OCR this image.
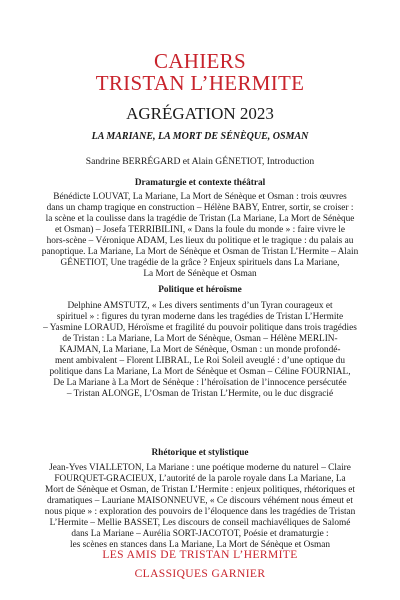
CAHIERS
TRISTAN L’HERMITE
AGRÉGATION 2023
LA MARIANE, LA MORT DE SÉNÈQUE, OSMAN
Sandrine BERRÉGARD et Alain GÉNETIOT, Introduction
Dramaturgie et contexte théâtral

Bénédicte LOUVAT, La Mariane, La Mort de Sénèque et Osman : trois œuvres

dans un champ tragique en construction – Hélène BABY, Entrer, sortir, se croiser :

la scène et la coulisse dans la tragédie de Tristan (La Mariane, La Mort de Sénèque

et Osman) – Josefa TERRIBILINI, « Dans la foule du monde » : faire vivre le

hors-scène – Véronique ADAM, Les lieux du politique et le tragique : du palais au

panoptique. La Mariane, La Mort de Sénèque et Osman de Tristan L’Hermite – Alain

GÉNETIOT, Une tragédie de la grâce ? Enjeux spirituels dans La Mariane,

La Mort de Sénèque et Osman

Politique et héroïsme

Delphine AMSTUTZ, « Les divers sentiments d’un Tyran courageux et

spirituel » : figures du tyran moderne dans les tragédies de Tristan L’Hermite

– Yasmine LORAUD, Héroïsme et fragilité du pouvoir politique dans trois tragédies

de Tristan : La Mariane, La Mort de Sénèque, Osman – Hélène MERLIN-

KAJMAN, La Mariane, La Mort de Sénèque, Osman : un monde profondé-

ment ambivalent – Florent LIBRAL, Le Roi Soleil aveuglé : d’une optique du

politique dans La Mariane, La Mort de Sénèque et Osman – Céline FOURNIAL,

De La Mariane à La Mort de Sénèque : l’héroïsation de l’innocence persécutée

– Tristan ALONGE, L’Osman de Tristan L’Hermite, ou le duc disgracié

Rhétorique et stylistique

Jean-Yves VIALLETON, La Mariane : une poétique moderne du naturel – Claire

FOURQUET-GRACIEUX, L’autorité de la parole royale dans La Mariane, La

Mort de Sénèque et Osman, de Tristan L’Hermite : enjeux politiques, rhétoriques et

dramatiques – Lauriane MAISONNEUVE, « Ce discours véhément nous émeut et

nous pique » : exploration des pouvoirs de l’éloquence dans les tragédies de Tristan

L’Hermite – Mellie BASSET, Les discours de conseil machiavéliques de Salomé

dans La Mariane – Aurélia SORT-JACOTOT, Poésie et dramaturgie :

les scènes en stances dans La Mariane, La Mort de Sénèque et Osman

LES AMIS DE TRISTAN L’HERMITE
CLASSIQUES GARNIER
